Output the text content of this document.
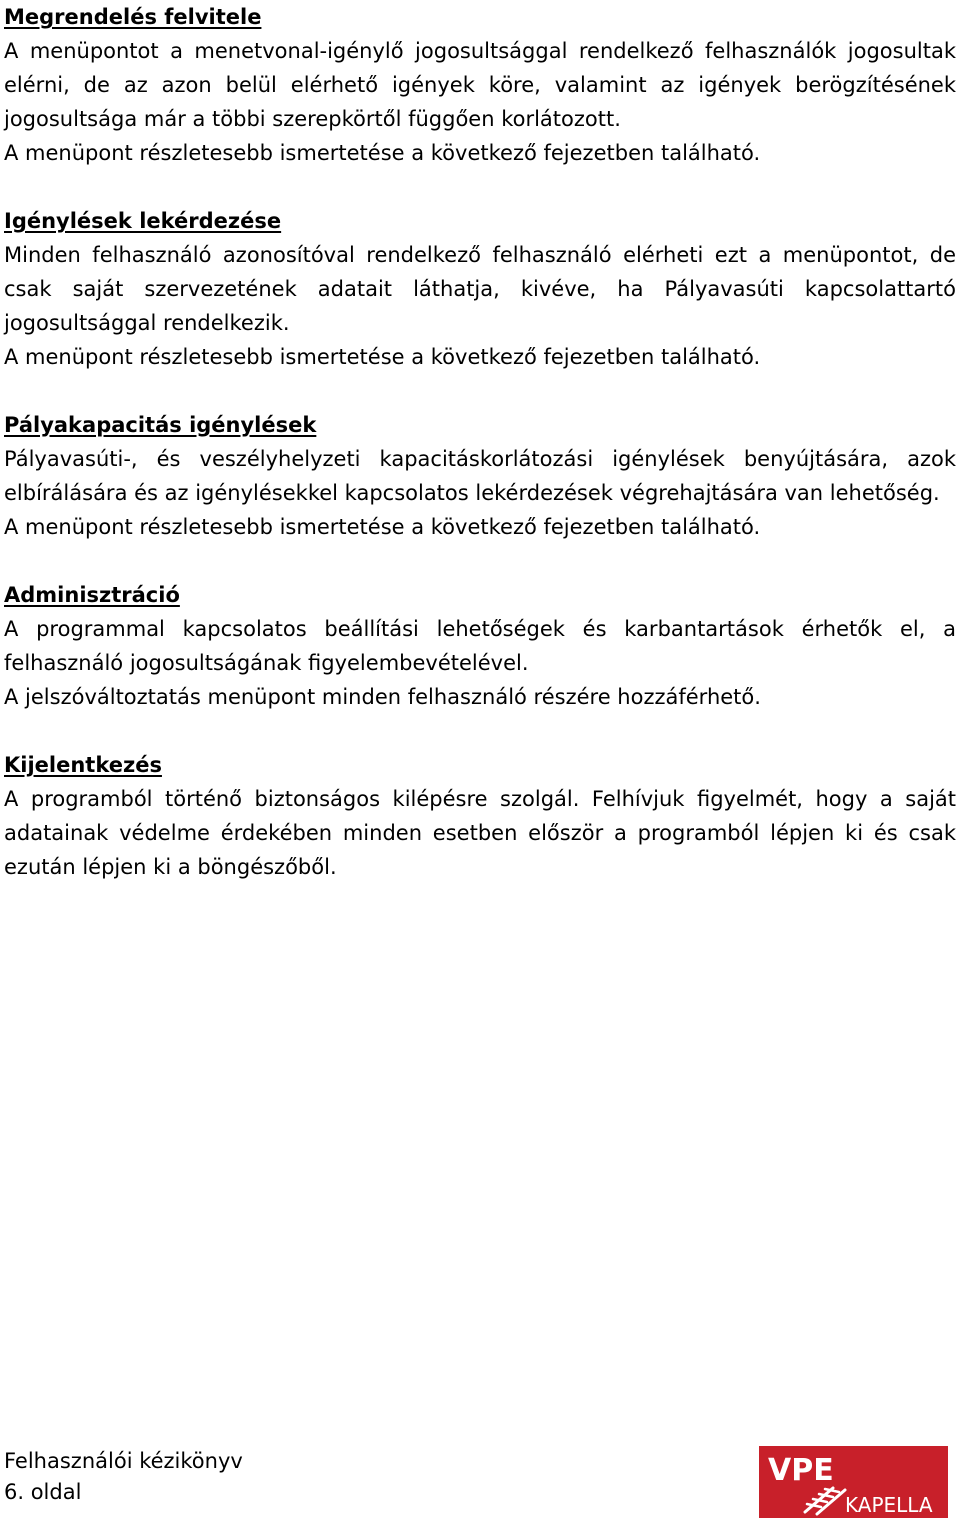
Megrendelés felvitele

A menüpontot a menetvonal-igénylő jogosultsággal rendelkező felhasználók jogosultak elérni, de az azon belül elérhető igények köre, valamint az igények berögzítésének jogosultsága már a többi szerepkörtől függően korlátozott.

A menüpont részletesebb ismertetése a következő fejezetben található.

Igénylések lekérdezése

Minden felhasználó azonosítóval rendelkező felhasználó elérheti ezt a menüpontot, de csak saját szervezetének adatait láthatja, kivéve, ha Pályavasúti kapcsolattartó jogosultsággal rendelkezik.

A menüpont részletesebb ismertetése a következő fejezetben található.

Pályakapacitás igénylések

Pályavasúti-, és veszélyhelyzeti kapacitáskorlátozási igénylések benyújtására, azok elbírálására és az igénylésekkel kapcsolatos lekérdezések végrehajtására van lehetőség.

A menüpont részletesebb ismertetése a következő fejezetben található.

Adminisztráció

A programmal kapcsolatos beállítási lehetőségek és karbantartások érhetők el, a felhasználó jogosultságának figyelembevételével.

A jelszóváltoztatás menüpont minden felhasználó részére hozzáférhető.

Kijelentkezés

A programból történő biztonságos kilépésre szolgál. Felhívjuk figyelmét, hogy a saját adatainak védelme érdekében minden esetben először a programból lépjen ki és csak ezután lépjen ki a böngészőből.

Felhasználói kézikönyv

6. oldal

VPE
KAPELLA
